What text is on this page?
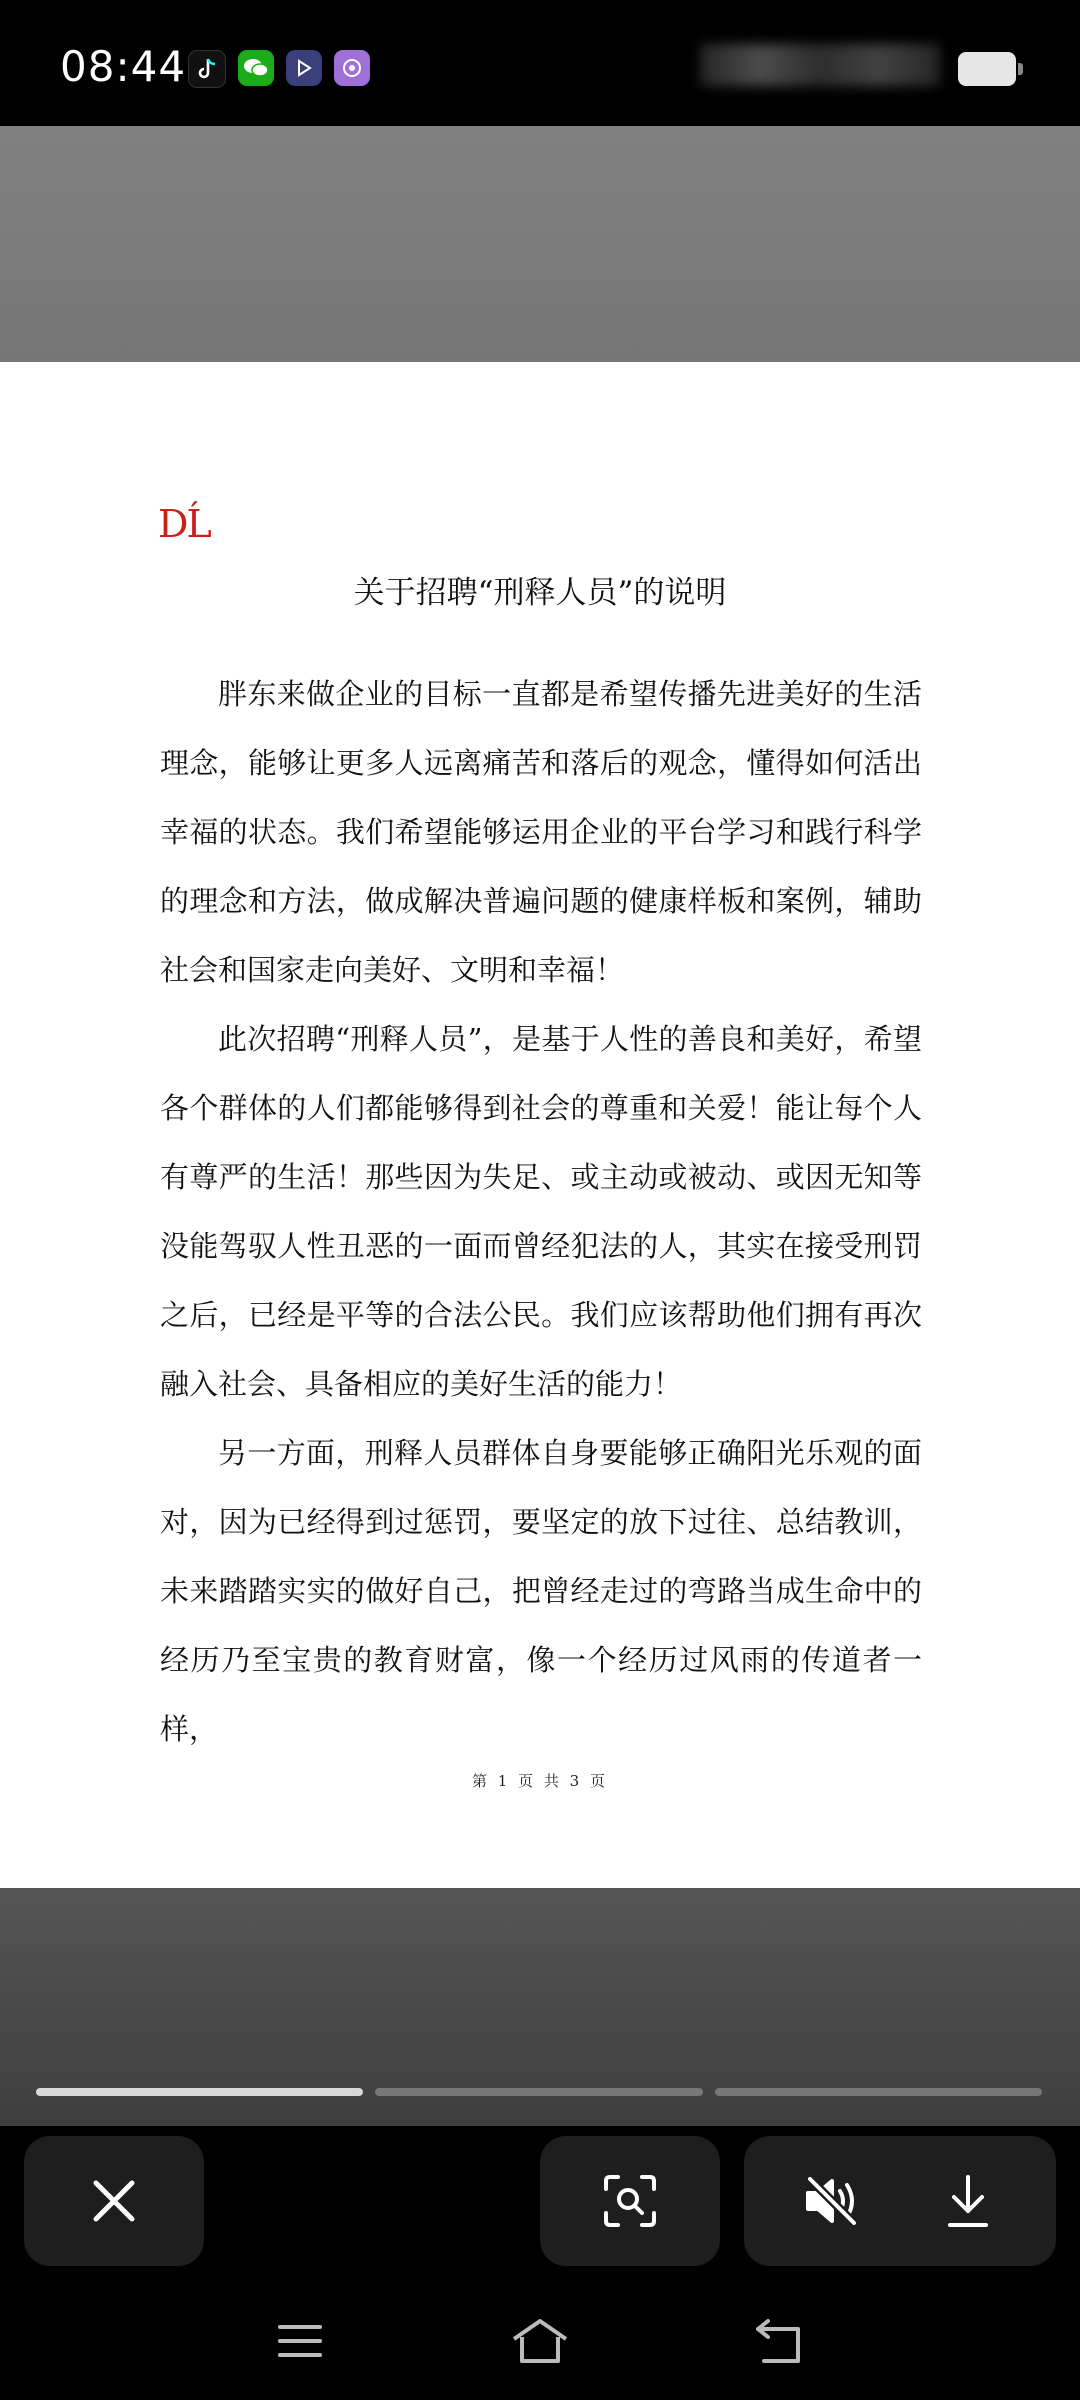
08:44
DĹ
关于招聘“刑释人员”的说明

胖东来做企业的目标一直都是希望传播先进美好的生活理念，能够让更多人远离痛苦和落后的观念，懂得如何活出幸福的状态。我们希望能够运用企业的平台学习和践行科学的理念和方法，做成解决普遍问题的健康样板和案例，辅助社会和国家走向美好、文明和幸福！

此次招聘“刑释人员”，是基于人性的善良和美好，希望各个群体的人们都能够得到社会的尊重和关爱！能让每个人有尊严的生活！那些因为失足、或主动或被动、或因无知等没能驾驭人性丑恶的一面而曾经犯法的人，其实在接受刑罚之后，已经是平等的合法公民。我们应该帮助他们拥有再次融入社会、具备相应的美好生活的能力！

另一方面，刑释人员群体自身要能够正确阳光乐观的面对，因为已经得到过惩罚，要坚定的放下过往、总结教训，未来踏踏实实的做好自己，把曾经走过的弯路当成生命中的经历乃至宝贵的教育财富，像一个经历过风雨的传道者一样，

第 1 页 共 3 页
